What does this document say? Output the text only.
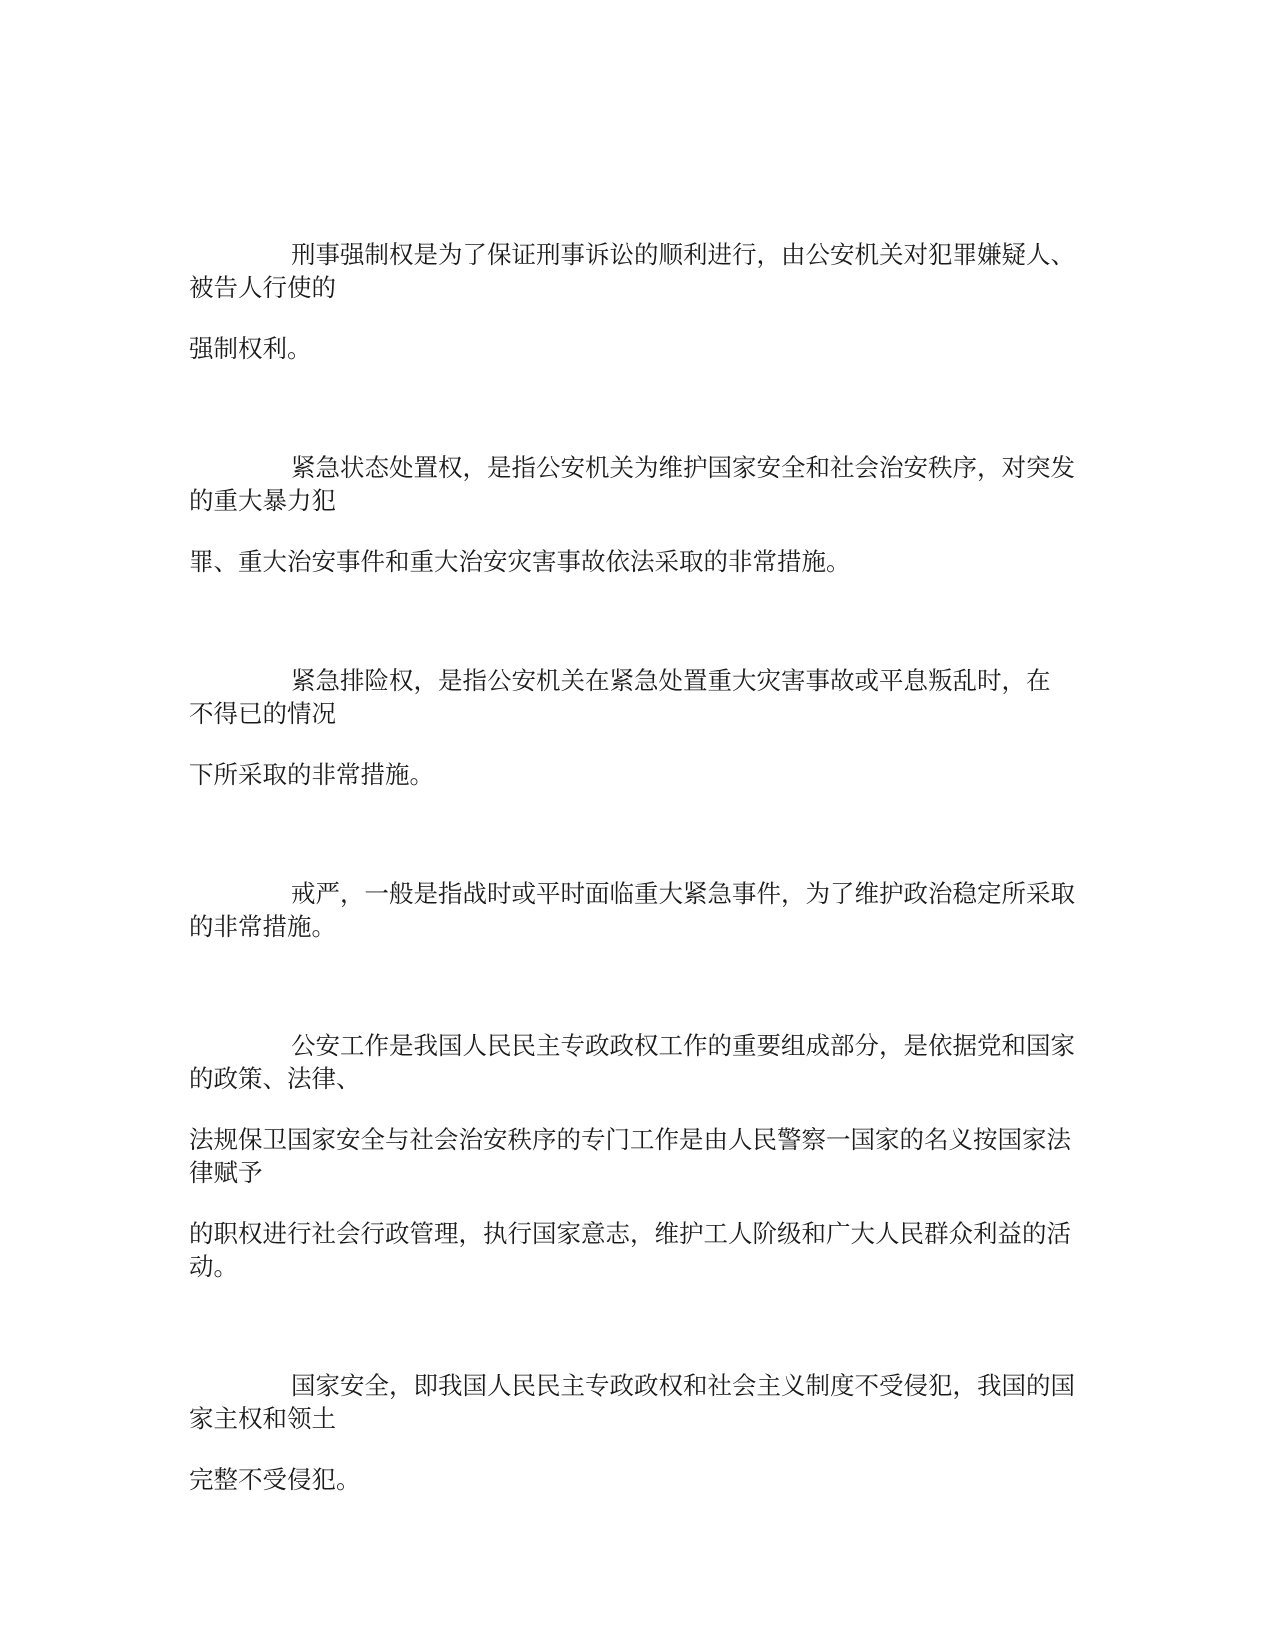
刑事强制权是为了保证刑事诉讼的顺利进行，由公安机关对犯罪嫌疑人、

被告人行使的

强制权利。

紧急状态处置权，是指公安机关为维护国家安全和社会治安秩序，对突发

的重大暴力犯

罪、重大治安事件和重大治安灾害事故依法采取的非常措施。

紧急排险权，是指公安机关在紧急处置重大灾害事故或平息叛乱时，在

不得已的情况

下所采取的非常措施。

戒严，一般是指战时或平时面临重大紧急事件，为了维护政治稳定所采取

的非常措施。

公安工作是我国人民民主专政政权工作的重要组成部分，是依据党和国家

的政策、法律、

法规保卫国家安全与社会治安秩序的专门工作是由人民警察一国家的名义按国家法

律赋予

的职权进行社会行政管理，执行国家意志，维护工人阶级和广大人民群众利益的活

动。

国家安全，即我国人民民主专政政权和社会主义制度不受侵犯，我国的国

家主权和领土

完整不受侵犯。
